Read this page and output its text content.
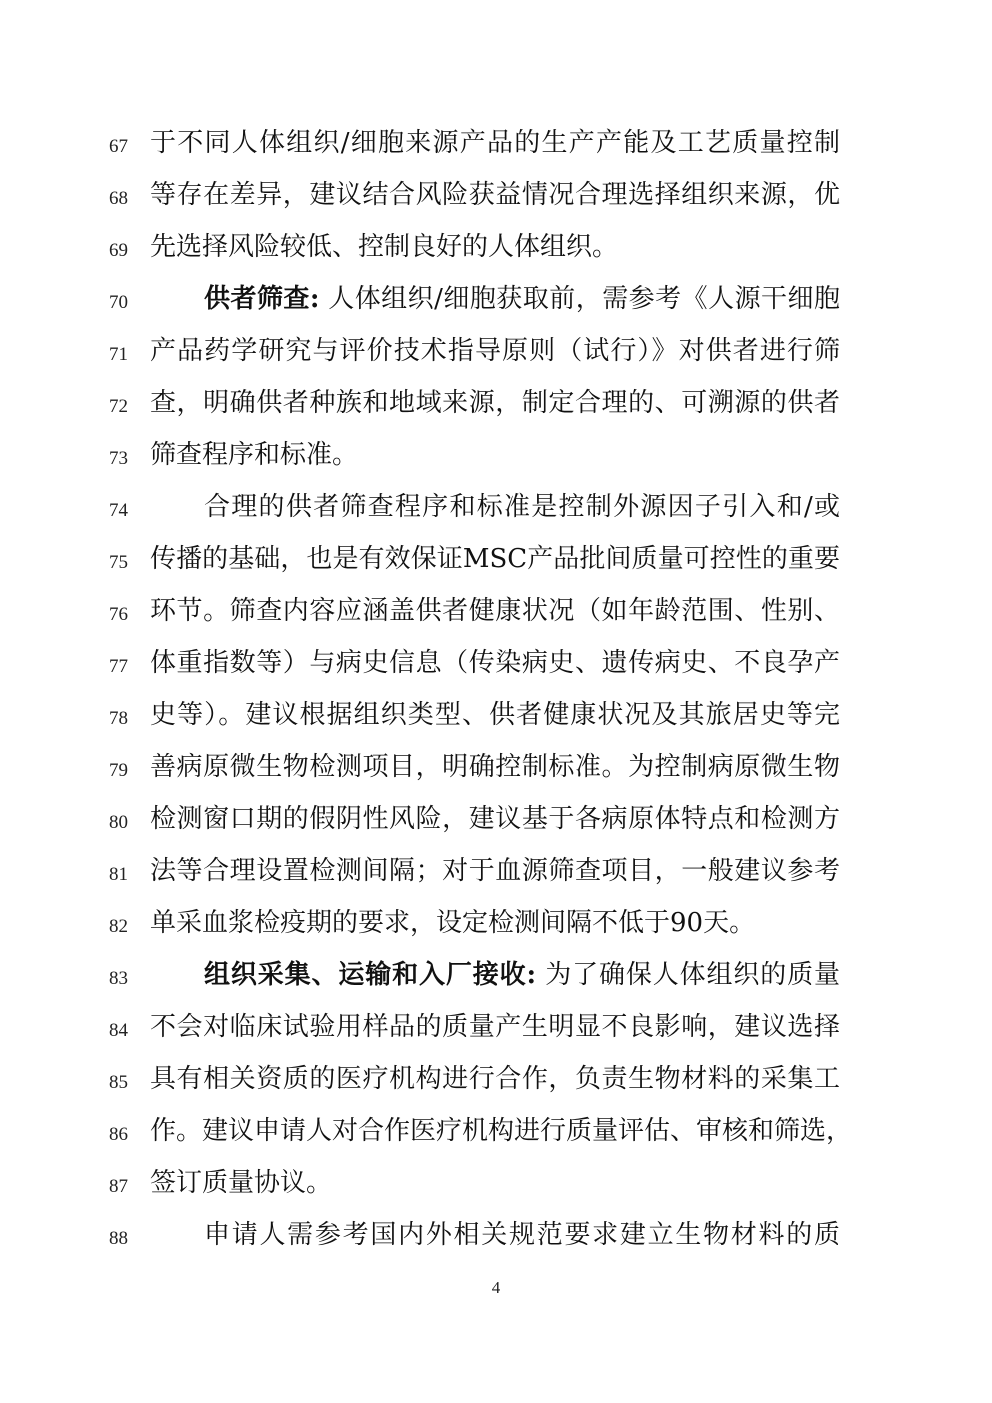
67 于不同人体组织/细胞来源产品的生产产能及工艺质量控制
68 等存在差异，建议结合风险获益情况合理选择组织来源，优
69 先选择风险较低、控制良好的人体组织。
70	供者筛查: 人体组织/细胞获取前，需参考《人源干细胞
71 产品药学研究与评价技术指导原则（试行）》对供者进行筛
72 查，明确供者种族和地域来源，制定合理的、可溯源的供者
73 筛查程序和标准。
74	合理的供者筛查程序和标准是控制外源因子引入和/或
75 传播的基础，也是有效保证MSC产品批间质量可控性的重要
76 环节。筛查内容应涵盖供者健康状况（如年龄范围、性别、
77 体重指数等）与病史信息（传染病史、遗传病史、不良孕产
78 史等）。建议根据组织类型、供者健康状况及其旅居史等完
79 善病原微生物检测项目，明确控制标准。为控制病原微生物
80 检测窗口期的假阴性风险，建议基于各病原体特点和检测方
81 法等合理设置检测间隔；对于血源筛查项目，一般建议参考
82 单采血浆检疫期的要求，设定检测间隔不低于90天。
83	组织采集、运输和入厂接收: 为了确保人体组织的质量
84 不会对临床试验用样品的质量产生明显不良影响，建议选择
85 具有相关资质的医疗机构进行合作，负责生物材料的采集工
86 作。建议申请人对合作医疗机构进行质量评估、审核和筛选，
87 签订质量协议。
88	申请人需参考国内外相关规范要求建立生物材料的质
4
